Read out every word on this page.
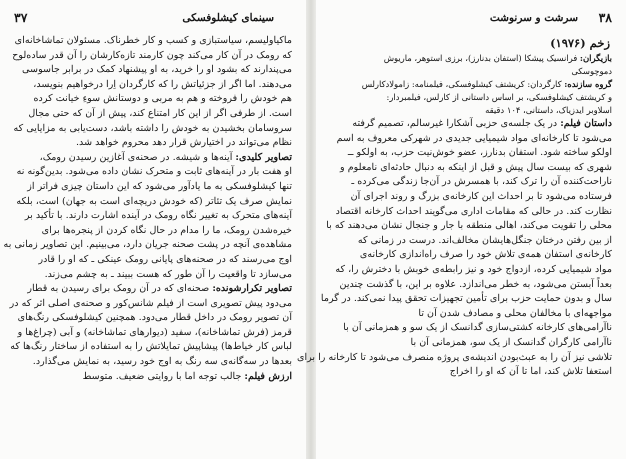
سینمای کیشلوفسکی
۳۷
ماکیاولیسم، سیاستبازی و کسب و کار خطرناک. مسئولان تماشاخانه‌ای
که رومک در آن کار می‌کند چون کارمند تازه‌کارشان را آن قدر ساده‌لوح
می‌پندارند که بشود او را خرید، به او پیشنهاد کمک در برابر جاسوسی
می‌دهند. اما اگر از جزئیاتش را که کارگردان اِرا درخواهیم بنویسد،
هم خودش را فروخته و هم به مربی و دوستانش سوءِ خیانت کرده
است. از طرفی اگر از این کار امتناع کند، پیش از آن که حتی مجال
سروسامان بخشیدن به خودش را داشته باشد، دست‌یابی به مزایایی که
نظام می‌تواند در اختیارش قرار دهد محروم خواهد شد.
تصاویر کلیدی: آینه‌ها و شیشه. در صحنه‌ی آغازین رسیدن رومک،
او هفت بار در آینه‌های ثابت و متحرک نشان داده می‌شود. بدین‌گونه نه
تنها کیشلوفسکی به ما یادآور می‌شود که این داستان چیزی فراتر از
نمایش صرف یک تئاتر (که خودش دریچه‌ای است به جهان) است، بلکه
آینه‌های متحرک به تغییر نگاه رومک در آینده اشارت دارند. با تأکید بر
خیره‌شدن رومک، ما را مدام در حال نگاه کردن از پنجره‌ها برای
مشاهده‌ی آنچه در پشت صحنه جریان دارد، می‌بینیم. این تصاویر زمانی به
اوج می‌رسند که در صحنه‌های پایانی رومک عینکی ـ که او را قادر
می‌سازد تا واقعیت را آن طور که هست ببیند ـ به چشم می‌زند.
تصاویر تکرارشونده: صحنه‌ای که در آن رومک برای رسیدن به قطار
می‌دود پیش تصویری است از فیلم شانس‌کور و صحنه‌ی اصلی اثر که در
آن تصویر رومک در داخل قطار می‌دود. همچنین کیشلوفسکی رنگ‌های
قرمز (فرش تماشاخانه)، سفید (دیوارهای تماشاخانه) و آبی (چراغ‌ها و
لباس کار خیاط‌ها) پیشاپیش تمایلاتش را به استفاده از ساختار رنگ‌ها که
بعدها در سه‌گانه‌ی سه رنگ به اوج خود رسید، به نمایش می‌گذارد.
ارزش فیلم: جالب توجه اما با روایتی ضعیف. متوسط
۳۸
سرشت و سرنوشت
زخم (۱۹۷۶)
بازیگران: فرانسیک پیشکا (استفان بدنارز)، برزی استوهر، ماریوش
دموچوسکی
گروه سازنده: کارگردان: کریشتف کیشلوفسکی، فیلمنامه: زامولادکارلس
و کریشتف کیشلوفسکی، بر اساس داستانی از کارلس، فیلمبردار:
اسلاوبر ایدزیاک، داستانی، ۱۰۴ دقیقه
داستان فیلم: در یک جلسه‌ی حزبی آشکارا غیرسالم، تصمیم گرفته
می‌شود تا کارخانه‌ای مواد شیمیایی جدیدی در شهرکی معروف به اسم
اولکو ساخته شود. استفان بدنارز، عضو خوش‌نیت حزب، به اولکو ــ
شهری که بیست سال پیش و قبل از اینکه به دنبال حادثه‌ای نامعلوم و
ناراحت‌کننده آن را ترک کند، با همسرش در آن‌جا زندگی می‌کرده ـ
فرستاده می‌شود تا بر احداث این کارخانه‌ی بزرگ و روند اجرای آن
نظارت کند. در حالی که مقامات اداری می‌گویند احداث کارخانه اقتصاد
محلی را تقویت می‌کند، اهالی منطقه با جار و جنجال نشان می‌دهند که با
از بین رفتن درختان جنگل‌هایشان مخالف‌اند. درست در زمانی که
کارخانه‌ی استفان همه‌ی تلاش خود را صرف راه‌اندازی کارخانه‌ی
مواد شیمیایی کرده، ازدواج خود و نیز رابطه‌ی خوبش با دخترش را، که
بعداً آبستن می‌شود، به خطر می‌اندازد. علاوه بر این، با گذشت چندین
سال و بدون حمایت حزب برای تأمین تجهیزات تحقق پیدا نمی‌کند. در گرما
مواجهه‌ای با مخالفان محلی و مصادف شدن آن تا
ناآرامی‌های کارخانه کشتی‌سازی گدانسک از یک سو و همزمانی آن با
ناآرامی کارگران گدانسک از یک سو، همزمانی آن با
تلاشی نیز آن را به عبث‌بودن اندیشه‌ی پروژه منصرف می‌شود تا کارخانه را برای
استعفا تلاش کند، اما تا آن که او را اخراج
